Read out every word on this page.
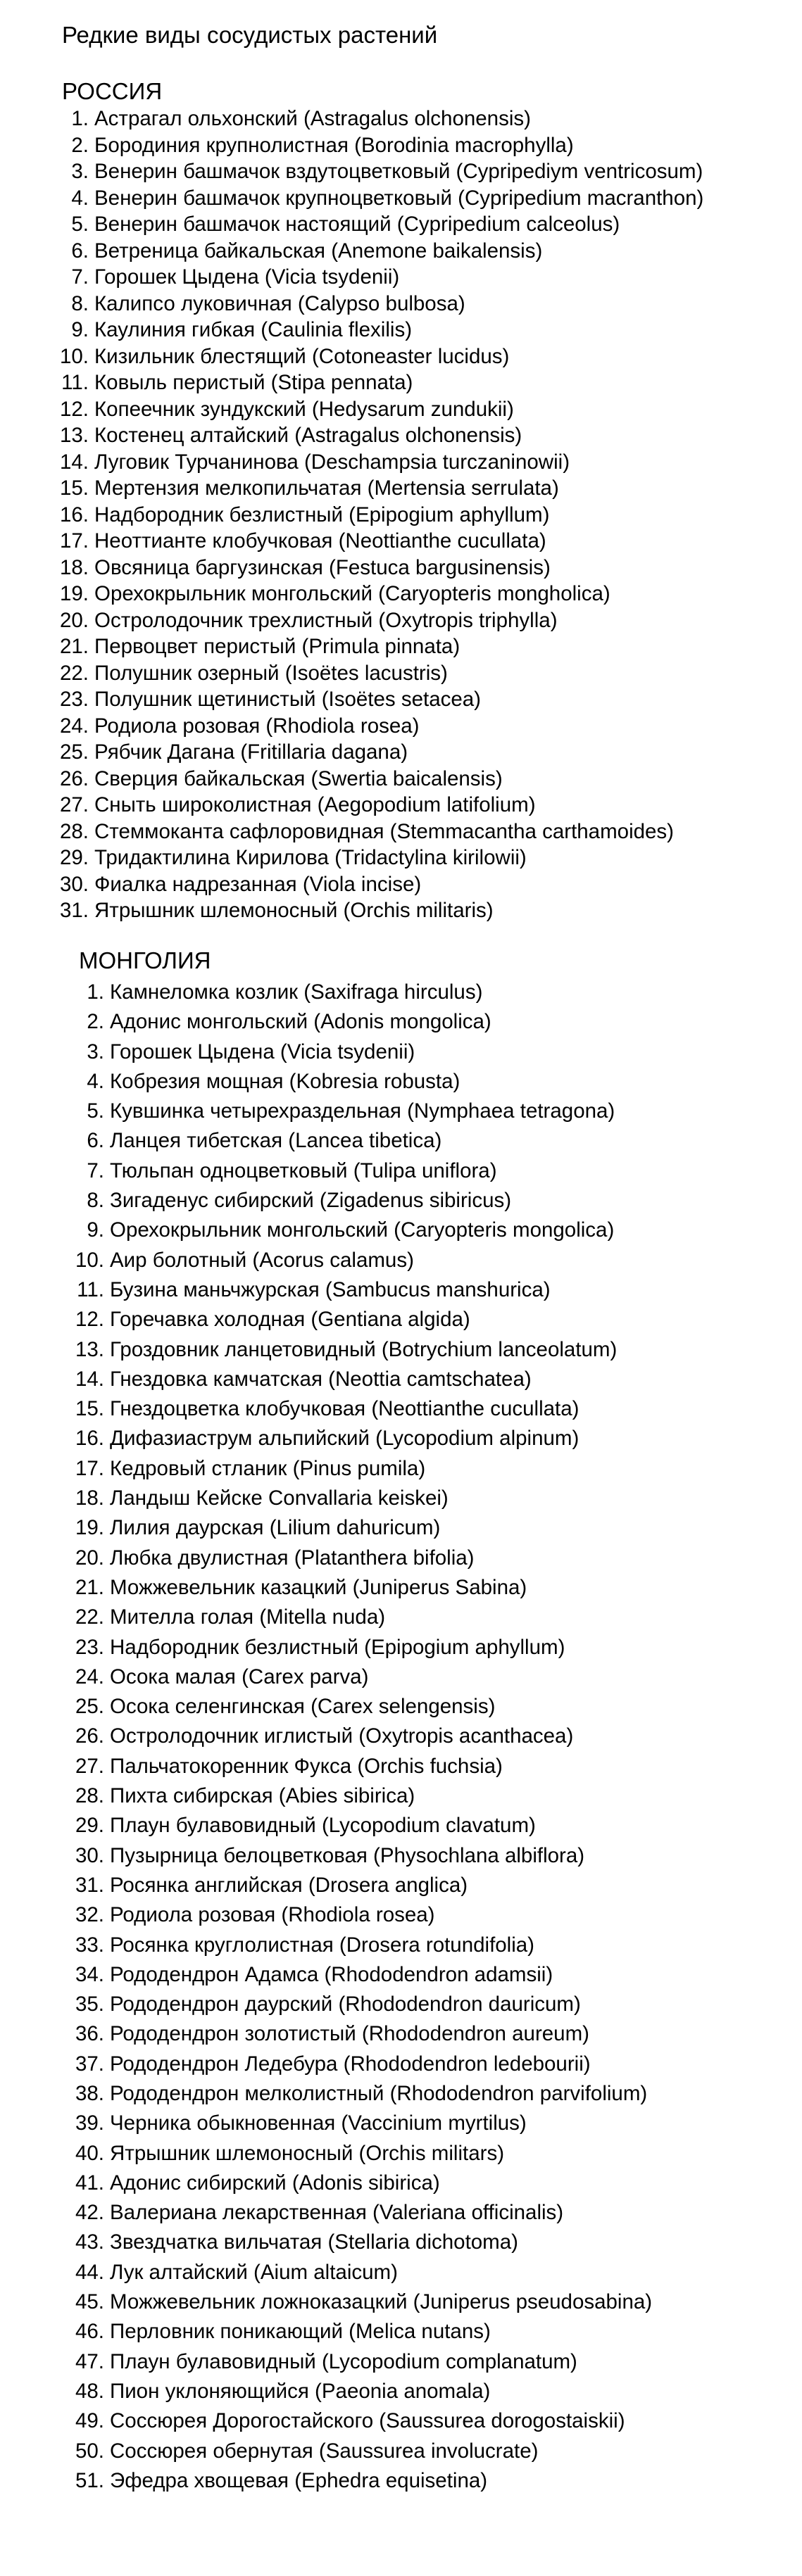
Редкие виды сосудистых растений
РОССИЯ
1. Астрагал ольхонский (Astragalus olchonensis)
2. Бородиния крупнолистная (Borodinia macrophylla)
3. Венерин башмачок вздутоцветковый (Cypripediym ventricosum)
4. Венерин башмачок крупноцветковый (Cypripedium macranthon)
5. Венерин башмачок настоящий (Cypripedium calceolus)
6. Ветреница байкальская (Anemone baikalensis)
7. Горошек Цыдена (Vicia tsydenii)
8. Калипсо луковичная (Calypso bulbosa)
9. Каулиния гибкая (Caulinia flexilis)
10. Кизильник блестящий (Cotoneaster lucidus)
11. Ковыль перистый (Stipa pennata)
12. Копеечник зундукский (Hedysarum zundukii)
13. Костенец алтайский (Astragalus olchonensis)
14. Луговик Турчанинова (Deschampsia turczaninowii)
15. Мертензия мелкопильчатая (Mertensia serrulata)
16. Надбородник безлистный (Epipogium aphyllum)
17. Неоттианте клобучковая (Neottianthe cucullata)
18. Овсяница баргузинская (Festuca bargusinensis)
19. Орехокрыльник монгольский (Caryopteris mongholica)
20. Остролодочник трехлистный (Oxytropis triphylla)
21. Первоцвет перистый (Primula pinnata)
22. Полушник озерный (Isoëtes lacustris)
23. Полушник щетинистый (Isoëtes setacea)
24. Родиола розовая (Rhodiola rosea)
25. Рябчик Дагана (Fritillaria dagana)
26. Сверция байкальская (Swertia baicalensis)
27. Сныть широколистная (Aegopodium latifolium)
28. Стеммоканта сафлоровидная (Stemmacantha carthamoides)
29. Тридактилина Кирилова (Tridactylina kirilowii)
30. Фиалка надрезанная (Viola incise)
31. Ятрышник шлемоносный (Orchis militaris)
МОНГОЛИЯ
1. Камнеломка козлик (Saxifraga hirculus)
2. Адонис монгольский (Adonis mongolica)
3. Горошек Цыдена (Vicia tsydenii)
4. Кобрезия мощная (Kobresia robusta)
5. Кувшинка четырехраздельная (Nymphaea tetragona)
6. Ланцея тибетская (Lancea tibetica)
7. Тюльпан одноцветковый (Tulipa uniflora)
8. Зигаденус сибирский (Zigadenus sibiricus)
9. Орехокрыльник монгольский (Caryopteris mongolica)
10. Аир болотный (Acorus calamus)
11. Бузина маньчжурская (Sambucus manshurica)
12. Горечавка холодная (Gentiana algida)
13. Гроздовник ланцетовидный (Botrychium lanceolatum)
14. Гнездовка камчатская (Neottia camtschatea)
15. Гнездоцветка клобучковая (Neottianthe cucullata)
16. Дифазиаструм альпийский (Lycopodium alpinum)
17. Кедровый стланик (Pinus pumila)
18. Ландыш Кейске Convallaria keiskei)
19. Лилия даурская (Lilium dahuricum)
20. Любка двулистная (Platanthera bifolia)
21. Можжевельник казацкий (Juniperus Sabina)
22. Мителла голая (Mitella nuda)
23. Надбородник безлистный (Epipogium aphyllum)
24. Осока малая (Carex parva)
25. Осока селенгинская (Carex selengensis)
26. Остролодочник иглистый (Oxytropis acanthacea)
27. Пальчатокоренник Фукса (Orchis fuchsia)
28. Пихта сибирская (Abies sibirica)
29. Плаун булавовидный (Lycopodium clavatum)
30. Пузырница белоцветковая (Physochlana albiflora)
31. Росянка английская (Drosera anglica)
32. Родиола розовая (Rhodiola rosea)
33. Росянка круглолистная (Drosera rotundifolia)
34. Рододендрон Адамса (Rhododendron adamsii)
35. Рододендрон даурский (Rhododendron dauricum)
36. Рододендрон золотистый (Rhododendron aureum)
37. Рододендрон Ледебура (Rhododendron ledebourii)
38. Рододендрон мелколистный (Rhododendron parvifolium)
39. Черника обыкновенная (Vaccinium myrtilus)
40. Ятрышник шлемоносный (Orchis militars)
41. Адонис сибирский (Adonis sibirica)
42. Валериана лекарственная (Valeriana officinalis)
43. Звездчатка вильчатая (Stellaria dichotoma)
44. Лук алтайский (Aium altaicum)
45. Можжевельник ложноказацкий (Juniperus pseudosabina)
46. Перловник поникающий (Melica nutans)
47. Плаун булавовидный (Lycopodium complanatum)
48. Пион уклоняющийся (Paeonia anomala)
49. Соссюрея Дорогостайского (Saussurea dorogostaiskii)
50. Соссюрея обернутая (Saussurea involucrate)
51. Эфедра хвощевая (Ephedra equisetina)
